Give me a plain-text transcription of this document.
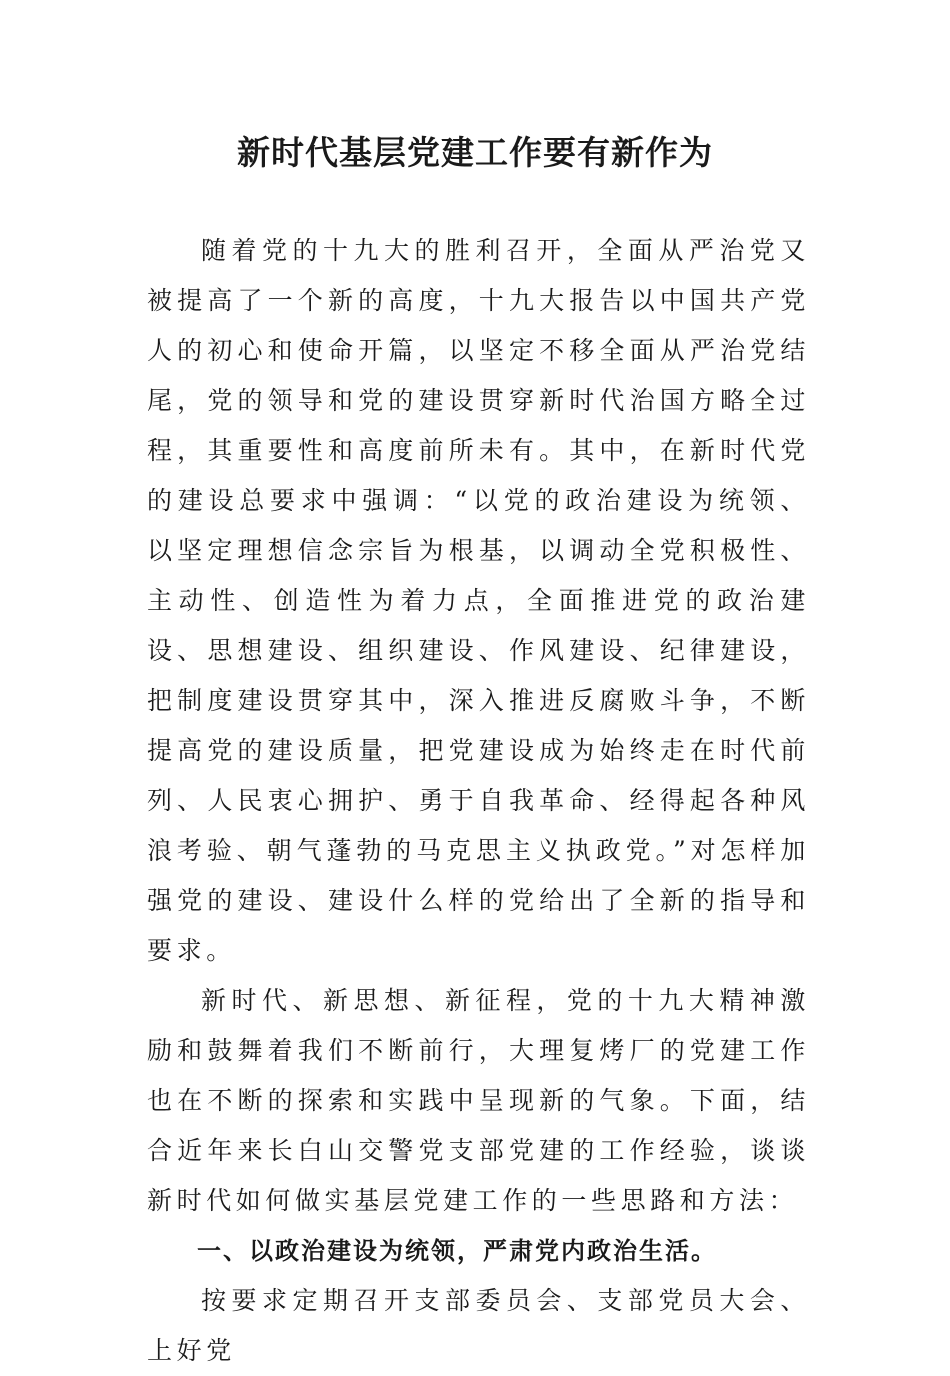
新时代基层党建工作要有新作为

随着党的十九大的胜利召开，全面从严治党又被提高了一个新的高度，十九大报告以中国共产党人的初心和使命开篇，以坚定不移全面从严治党结尾，党的领导和党的建设贯穿新时代治国方略全过程，其重要性和高度前所未有。其中，在新时代党的建设总要求中强调：“以党的政治建设为统领、以坚定理想信念宗旨为根基，以调动全党积极性、主动性、创造性为着力点，全面推进党的政治建设、思想建设、组织建设、作风建设、纪律建设，把制度建设贯穿其中，深入推进反腐败斗争，不断提高党的建设质量，把党建设成为始终走在时代前列、人民衷心拥护、勇于自我革命、经得起各种风浪考验、朝气蓬勃的马克思主义执政党。”对怎样加强党的建设、建设什么样的党给出了全新的指导和要求。

新时代、新思想、新征程，党的十九大精神激励和鼓舞着我们不断前行，大理复烤厂的党建工作也在不断的探索和实践中呈现新的气象。下面，结合近年来长白山交警党支部党建的工作经验，谈谈新时代如何做实基层党建工作的一些思路和方法：

一、以政治建设为统领，严肃党内政治生活。

按要求定期召开支部委员会、支部党员大会、上好党
